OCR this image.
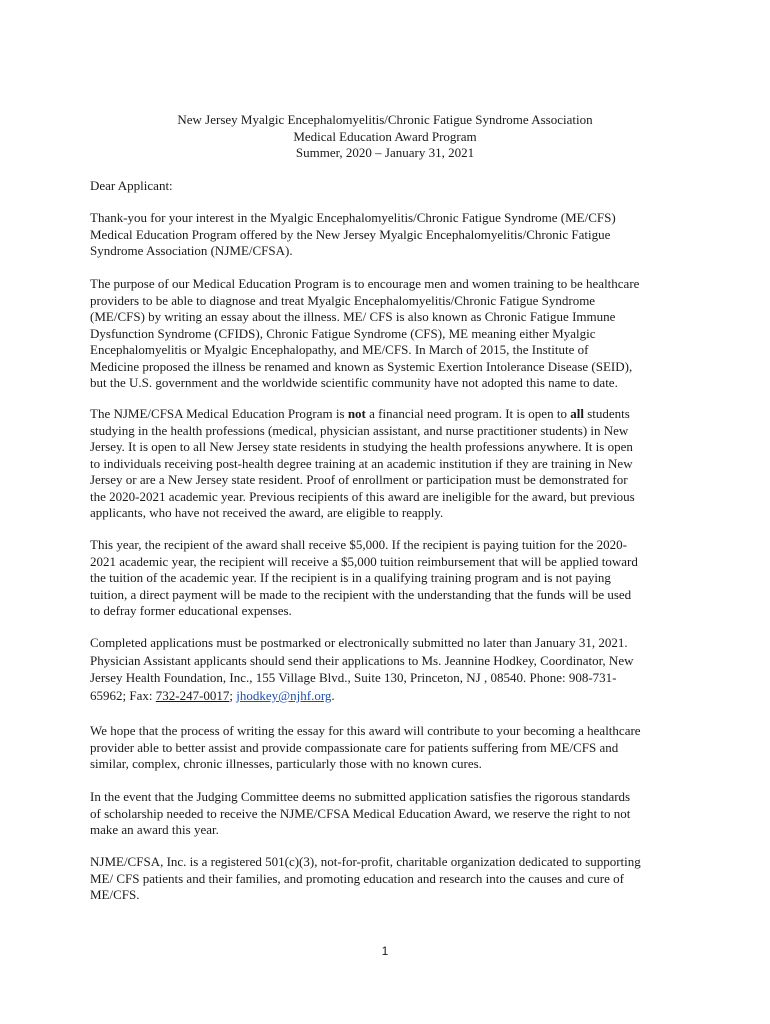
New Jersey Myalgic Encephalomyelitis/Chronic Fatigue Syndrome Association
Medical Education Award Program
Summer, 2020 – January 31, 2021
Dear Applicant:
Thank-you for your interest in the Myalgic Encephalomyelitis/Chronic Fatigue Syndrome (ME/CFS)
Medical Education Program offered by the New Jersey Myalgic Encephalomyelitis/Chronic Fatigue
Syndrome Association (NJME/CFSA).
The purpose of our Medical Education Program is to encourage men and women training to be healthcare
providers to be able to diagnose and treat Myalgic Encephalomyelitis/Chronic Fatigue Syndrome
(ME/CFS) by writing an essay about the illness. ME/ CFS is also known as Chronic Fatigue Immune
Dysfunction Syndrome (CFIDS), Chronic Fatigue Syndrome (CFS), ME meaning either Myalgic
Encephalomyelitis or Myalgic Encephalopathy, and ME/CFS. In March of 2015, the Institute of
Medicine proposed the illness be renamed and known as Systemic Exertion Intolerance Disease (SEID),
but the U.S. government and the worldwide scientific community have not adopted this name to date.
The NJME/CFSA Medical Education Program is not a financial need program. It is open to all students
studying in the health professions (medical, physician assistant, and nurse practitioner students) in New
Jersey. It is open to all New Jersey state residents in studying the health professions anywhere. It is open
to individuals receiving post-health degree training at an academic institution if they are training in New
Jersey or are a New Jersey state resident. Proof of enrollment or participation must be demonstrated for
the 2020-2021 academic year. Previous recipients of this award are ineligible for the award, but previous
applicants, who have not received the award, are eligible to reapply.
This year, the recipient of the award shall receive $5,000. If the recipient is paying tuition for the 2020-
2021 academic year, the recipient will receive a $5,000 tuition reimbursement that will be applied toward
the tuition of the academic year. If the recipient is in a qualifying training program and is not paying
tuition, a direct payment will be made to the recipient with the understanding that the funds will be used
to defray former educational expenses.
Completed applications must be postmarked or electronically submitted no later than January 31, 2021.
Physician Assistant applicants should send their applications to Ms. Jeannine Hodkey, Coordinator, New
Jersey Health Foundation, Inc., 155 Village Blvd., Suite 130, Princeton, NJ , 08540. Phone: 908-731-
65962; Fax: 732-247-0017; jhodkey@njhf.org.
We hope that the process of writing the essay for this award will contribute to your becoming a healthcare
provider able to better assist and provide compassionate care for patients suffering from ME/CFS and
similar, complex, chronic illnesses, particularly those with no known cures.
In the event that the Judging Committee deems no submitted application satisfies the rigorous standards
of scholarship needed to receive the NJME/CFSA Medical Education Award, we reserve the right to not
make an award this year.
NJME/CFSA, Inc. is a registered 501(c)(3), not-for-profit, charitable organization dedicated to supporting
ME/ CFS patients and their families, and promoting education and research into the causes and cure of
ME/CFS.
1
